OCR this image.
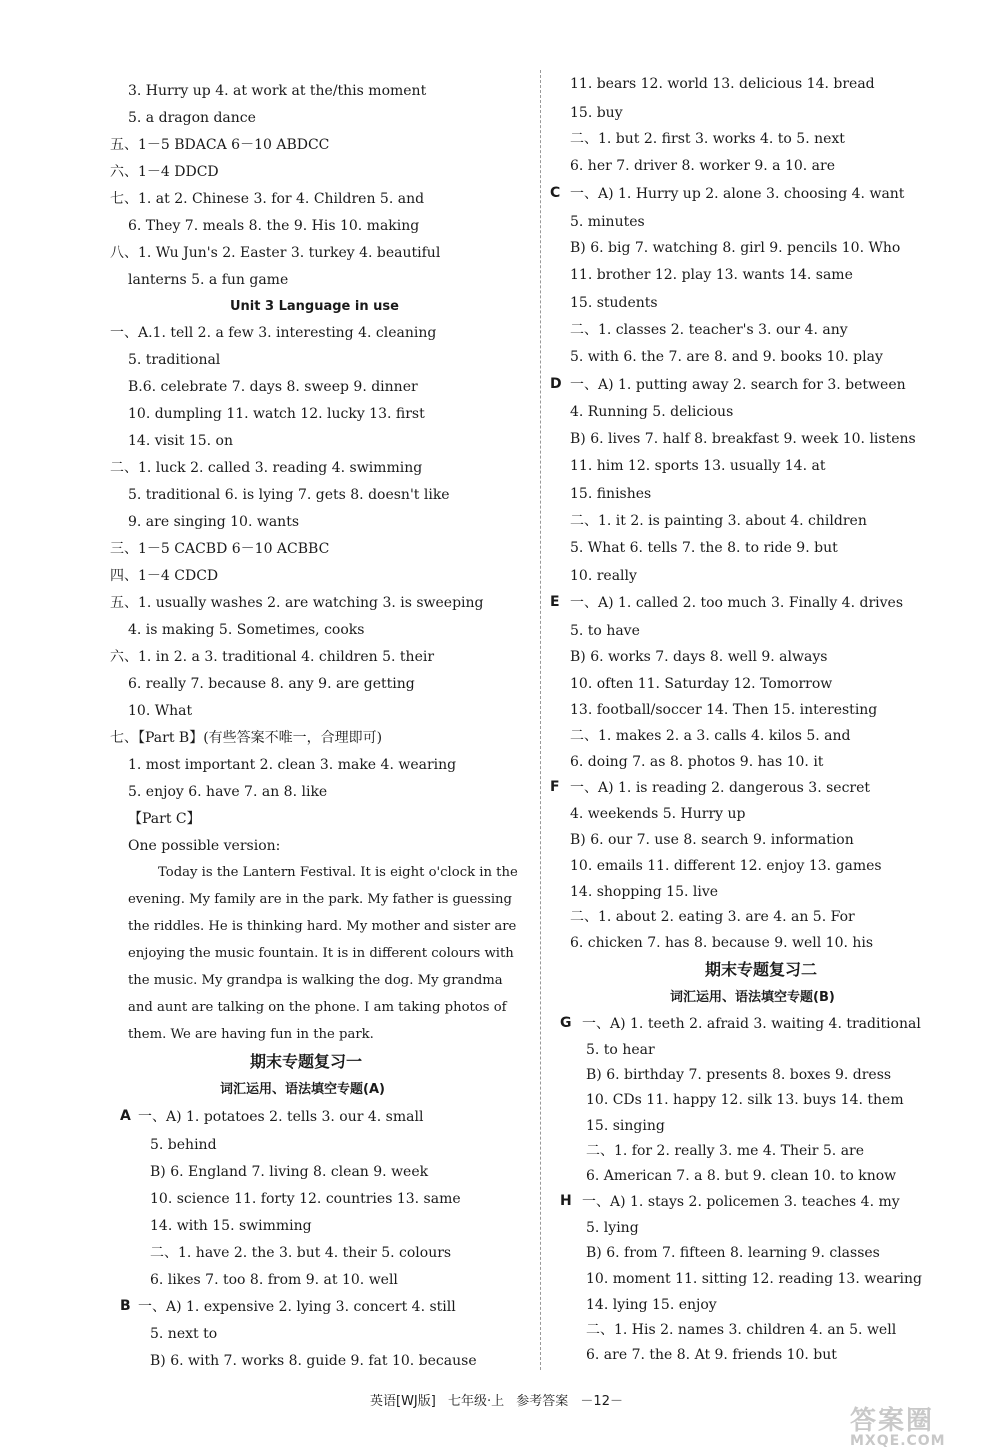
3. Hurry up 4. at work at the/this moment
5. a dragon dance
五、1－5 BDACA 6－10 ABDCC
六、1－4 DDCD
七、1. at 2. Chinese 3. for 4. Children 5. and
6. They 7. meals 8. the 9. His 10. making
八、1. Wu Jun's 2. Easter 3. turkey 4. beautiful
lanterns 5. a fun game
Unit 3 Language in use
一、A.1. tell 2. a few 3. interesting 4. cleaning
5. traditional
B.6. celebrate 7. days 8. sweep 9. dinner
10. dumpling 11. watch 12. lucky 13. first
14. visit 15. on
二、1. luck 2. called 3. reading 4. swimming
5. traditional 6. is lying 7. gets 8. doesn't like
9. are singing 10. wants
三、1－5 CACBD 6－10 ACBBC
四、1－4 CDCD
五、1. usually washes 2. are watching 3. is sweeping
4. is making 5. Sometimes, cooks
六、1. in 2. a 3. traditional 4. children 5. their
6. really 7. because 8. any 9. are getting
10. What
七、【Part B】(有些答案不唯一，合理即可)
1. most important 2. clean 3. make 4. wearing
5. enjoy 6. have 7. an 8. like
【Part C】
One possible version:
Today is the Lantern Festival. It is eight o'clock in the
evening. My family are in the park. My father is guessing
the riddles. He is thinking hard. My mother and sister are
enjoying the music fountain. It is in different colours with
the music. My grandpa is walking the dog. My grandma
and aunt are talking on the phone. I am taking photos of
them. We are having fun in the park.
期末专题复习一
词汇运用、语法填空专题(A)
A 一、A) 1. potatoes 2. tells 3. our 4. small
5. behind
B) 6. England 7. living 8. clean 9. week
10. science 11. forty 12. countries 13. same
14. with 15. swimming
二、1. have 2. the 3. but 4. their 5. colours
6. likes 7. too 8. from 9. at 10. well
B 一、A) 1. expensive 2. lying 3. concert 4. still
5. next to
B) 6. with 7. works 8. guide 9. fat 10. because
11. bears 12. world 13. delicious 14. bread
15. buy
二、1. but 2. first 3. works 4. to 5. next
6. her 7. driver 8. worker 9. a 10. are
C 一、A) 1. Hurry up 2. alone 3. choosing 4. want
5. minutes
B) 6. big 7. watching 8. girl 9. pencils 10. Who
11. brother 12. play 13. wants 14. same
15. students
二、1. classes 2. teacher's 3. our 4. any
5. with 6. the 7. are 8. and 9. books 10. play
D 一、A) 1. putting away 2. search for 3. between
4. Running 5. delicious
B) 6. lives 7. half 8. breakfast 9. week 10. listens
11. him 12. sports 13. usually 14. at
15. finishes
二、1. it 2. is painting 3. about 4. children
5. What 6. tells 7. the 8. to ride 9. but
10. really
E 一、A) 1. called 2. too much 3. Finally 4. drives
5. to have
B) 6. works 7. days 8. well 9. always
10. often 11. Saturday 12. Tomorrow
13. football/soccer 14. Then 15. interesting
二、1. makes 2. a 3. calls 4. kilos 5. and
6. doing 7. as 8. photos 9. has 10. it
F 一、A) 1. is reading 2. dangerous 3. secret
4. weekends 5. Hurry up
B) 6. our 7. use 8. search 9. information
10. emails 11. different 12. enjoy 13. games
14. shopping 15. live
二、1. about 2. eating 3. are 4. an 5. For
6. chicken 7. has 8. because 9. well 10. his
期末专题复习二
词汇运用、语法填空专题(B)
G 一、A) 1. teeth 2. afraid 3. waiting 4. traditional
5. to hear
B) 6. birthday 7. presents 8. boxes 9. dress
10. CDs 11. happy 12. silk 13. buys 14. them
15. singing
二、1. for 2. really 3. me 4. Their 5. are
6. American 7. a 8. but 9. clean 10. to know
H 一、A) 1. stays 2. policemen 3. teaches 4. my
5. lying
B) 6. from 7. fifteen 8. learning 9. classes
10. moment 11. sitting 12. reading 13. wearing
14. lying 15. enjoy
二、1. His 2. names 3. children 4. an 5. well
6. are 7. the 8. At 9. friends 10. but
英语[WJ版] 七年级·上 参考答案 －12－
答案圈
MXQE.COM
